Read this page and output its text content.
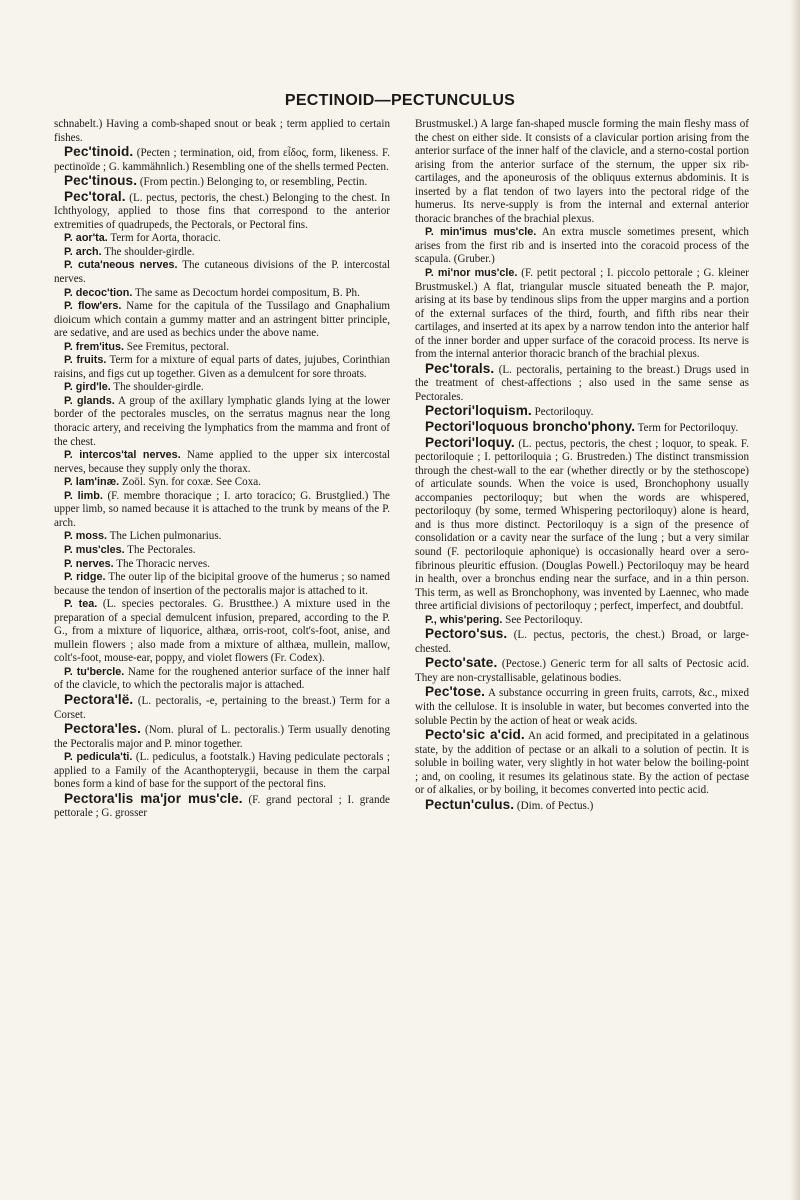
PECTINOID—PECTUNCULUS

schnabelt.) Having a comb-shaped snout or beak ; term applied to certain fishes.

Pec'tinoid. (Pecten ; termination, oid, from εἶδος, form, likeness. F. pectinoïde ; G. kammähnlich.) Resembling one of the shells termed Pecten.

Pec'tinous. (From pectin.) Belonging to, or resembling, Pectin.

Pec'toral. (L. pectus, pectoris, the chest.) Belonging to the chest. In Ichthyology, applied to those fins that correspond to the anterior extremities of quadrupeds, the Pectorals, or Pectoral fins.

P. aor'ta. Term for Aorta, thoracic.

P. arch. The shoulder-girdle.

P. cuta'neous nerves. The cutaneous divisions of the P. intercostal nerves.

P. decoc'tion. The same as Decoctum hordei compositum, B. Ph.

P. flow'ers. Name for the capitula of the Tussilago and Gnaphalium dioicum which contain a gummy matter and an astringent bitter principle, are sedative, and are used as bechics under the above name.

P. frem'itus. See Fremitus, pectoral.

P. fruits. Term for a mixture of equal parts of dates, jujubes, Corinthian raisins, and figs cut up together. Given as a demulcent for sore throats.

P. gird'le. The shoulder-girdle.

P. glands. A group of the axillary lymphatic glands lying at the lower border of the pectorales muscles, on the serratus magnus near the long thoracic artery, and receiving the lymphatics from the mamma and front of the chest.

P. intercos'tal nerves. Name applied to the upper six intercostal nerves, because they supply only the thorax.

P. lam'inæ. Zoöl. Syn. for coxæ. See Coxa.

P. limb. (F. membre thoracique ; I. arto toracico; G. Brustglied.) The upper limb, so named because it is attached to the trunk by means of the P. arch.

P. moss. The Lichen pulmonarius.

P. mus'cles. The Pectorales.

P. nerves. The Thoracic nerves.

P. ridge. The outer lip of the bicipital groove of the humerus ; so named because the tendon of insertion of the pectoralis major is attached to it.

P. tea. (L. species pectorales. G. Brustthee.) A mixture used in the preparation of a special demulcent infusion, prepared, according to the P. G., from a mixture of liquorice, althæa, orris-root, colt's-foot, anise, and mullein flowers ; also made from a mixture of althæa, mullein, mallow, colt's-foot, mouse-ear, poppy, and violet flowers (Fr. Codex).

P. tu'bercle. Name for the roughened anterior surface of the inner half of the clavicle, to which the pectoralis major is attached.

Pectora'lë. (L. pectoralis, -e, pertaining to the breast.) Term for a Corset.

Pectora'les. (Nom. plural of L. pectoralis.) Term usually denoting the Pectoralis major and P. minor together.

P. pedicula'ti. (L. pediculus, a footstalk.) Having pediculate pectorals ; applied to a Family of the Acanthopterygii, because in them the carpal bones form a kind of base for the support of the pectoral fins.

Pectora'lis ma'jor mus'cle. (F. grand pectoral ; I. grande pettorale ; G. grosser

Brustmuskel.) A large fan-shaped muscle forming the main fleshy mass of the chest on either side. It consists of a clavicular portion arising from the anterior surface of the inner half of the clavicle, and a sterno-costal portion arising from the anterior surface of the sternum, the upper six rib-cartilages, and the aponeurosis of the obliquus externus abdominis. It is inserted by a flat tendon of two layers into the pectoral ridge of the humerus. Its nerve-supply is from the internal and external anterior thoracic branches of the brachial plexus.

P. min'imus mus'cle. An extra muscle sometimes present, which arises from the first rib and is inserted into the coracoid process of the scapula. (Gruber.)

P. mi'nor mus'cle. (F. petit pectoral ; I. piccolo pettorale ; G. kleiner Brustmuskel.) A flat, triangular muscle situated beneath the P. major, arising at its base by tendinous slips from the upper margins and a portion of the external surfaces of the third, fourth, and fifth ribs near their cartilages, and inserted at its apex by a narrow tendon into the anterior half of the inner border and upper surface of the coracoid process. Its nerve is from the internal anterior thoracic branch of the brachial plexus.

Pec'torals. (L. pectoralis, pertaining to the breast.) Drugs used in the treatment of chest-affections ; also used in the same sense as Pectorales.

Pectori'loquism. Pectoriloquy.

Pectori'loquous broncho'phony. Term for Pectoriloquy.

Pectori'loquy. (L. pectus, pectoris, the chest ; loquor, to speak. F. pectoriloquie ; I. pettoriloquia ; G. Brustreden.) The distinct transmission through the chest-wall to the ear (whether directly or by the stethoscope) of articulate sounds. When the voice is used, Bronchophony usually accompanies pectoriloquy; but when the words are whispered, pectoriloquy (by some, termed Whispering pectoriloquy) alone is heard, and is thus more distinct. Pectoriloquy is a sign of the presence of consolidation or a cavity near the surface of the lung ; but a very similar sound (F. pectoriloquie aphonique) is occasionally heard over a sero-fibrinous pleuritic effusion. (Douglas Powell.) Pectoriloquy may be heard in health, over a bronchus ending near the surface, and in a thin person. This term, as well as Bronchophony, was invented by Laennec, who made three artificial divisions of pectoriloquy ; perfect, imperfect, and doubtful.

P., whis'pering. See Pectoriloquy.

Pectoro'sus. (L. pectus, pectoris, the chest.) Broad, or large-chested.

Pecto'sate. (Pectose.) Generic term for all salts of Pectosic acid. They are non-crystallisable, gelatinous bodies.

Pec'tose. A substance occurring in green fruits, carrots, &c., mixed with the cellulose. It is insoluble in water, but becomes converted into the soluble Pectin by the action of heat or weak acids.

Pecto'sic a'cid. An acid formed, and precipitated in a gelatinous state, by the addition of pectase or an alkali to a solution of pectin. It is soluble in boiling water, very slightly in hot water below the boiling-point ; and, on cooling, it resumes its gelatinous state. By the action of pectase or of alkalies, or by boiling, it becomes converted into pectic acid.

Pectun'culus. (Dim. of Pectus.)
